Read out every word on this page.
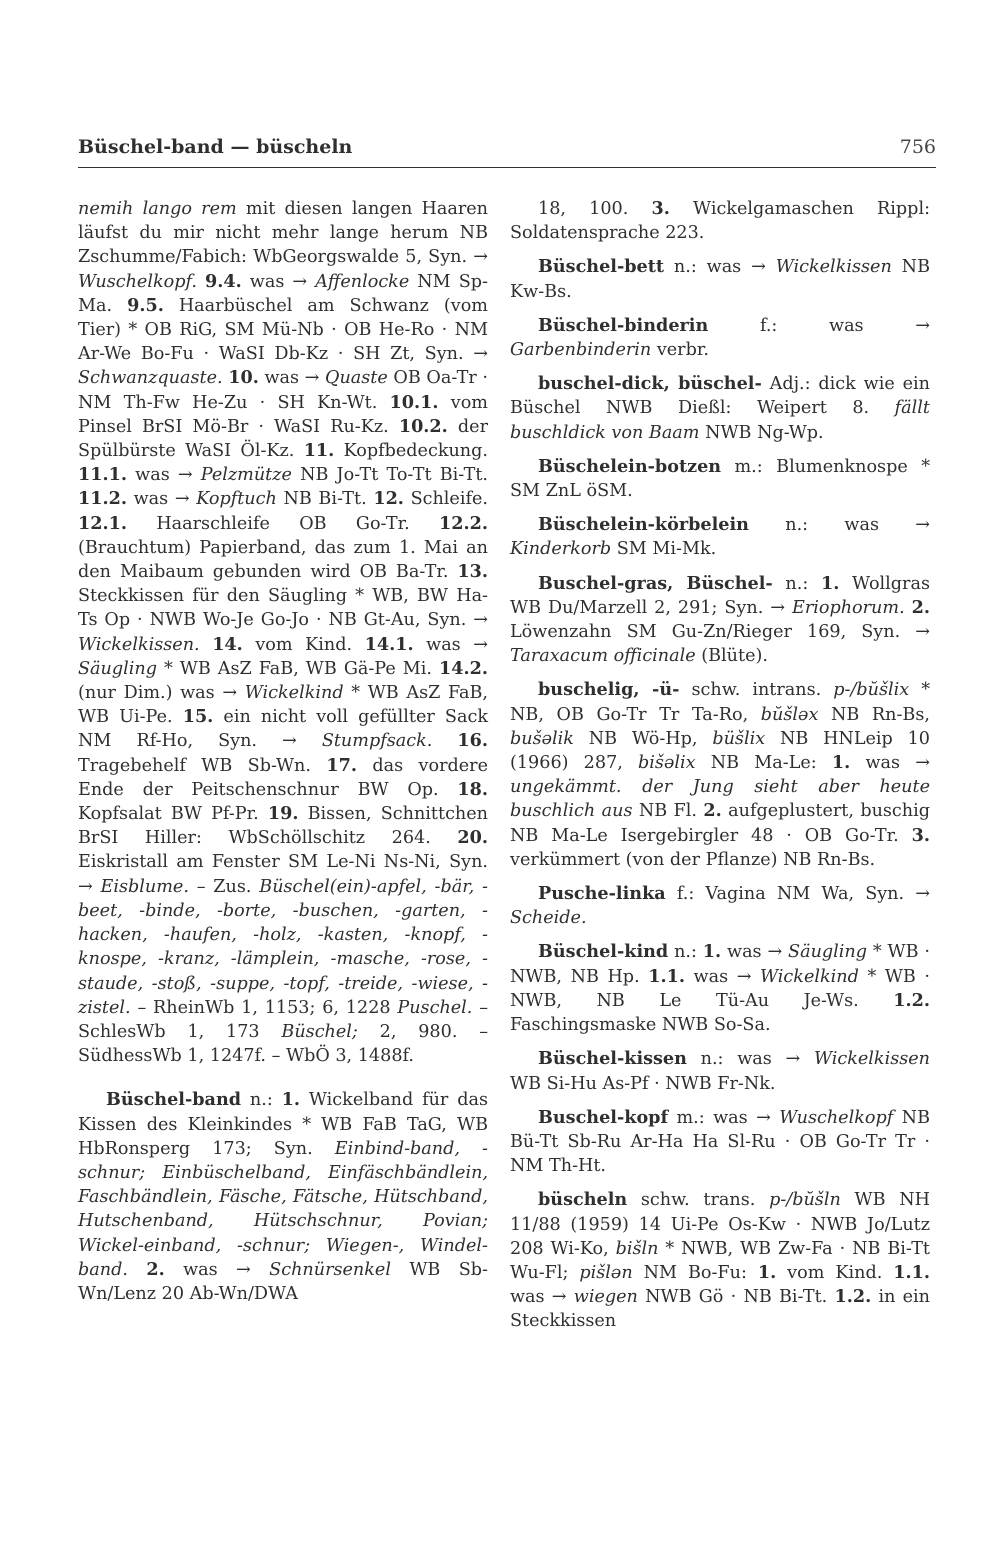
Büschel-band — büscheln	756

nemih lango rem mit diesen langen Haaren läufst du mir nicht mehr lange herum NB Zschumme/Fabich: WbGeorgswalde 5, Syn. → Wuschelkopf. 9.4. was → Affenlocke NM Sp-Ma. 9.5. Haarbüschel am Schwanz (vom Tier) * OB RiG, SM Mü-Nb · OB He-Ro · NM Ar-We Bo-Fu · WaSI Db-Kz · SH Zt, Syn. → Schwanzquaste. 10. was → Quaste OB Oa-Tr · NM Th-Fw He-Zu · SH Kn-Wt. 10.1. vom Pinsel BrSI Mö-Br · WaSI Ru-Kz. 10.2. der Spülbürste WaSI Öl-Kz. 11. Kopfbedeckung. 11.1. was → Pelzmütze NB Jo-Tt To-Tt Bi-Tt. 11.2. was → Kopftuch NB Bi-Tt. 12. Schleife. 12.1. Haarschleife OB Go-Tr. 12.2. (Brauchtum) Papierband, das zum 1. Mai an den Maibaum gebunden wird OB Ba-Tr. 13. Steckkissen für den Säugling * WB, BW Ha-Ts Op · NWB Wo-Je Go-Jo · NB Gt-Au, Syn. → Wickelkissen. 14. vom Kind. 14.1. was → Säugling * WB AsZ FaB, WB Gä-Pe Mi. 14.2. (nur Dim.) was → Wickelkind * WB AsZ FaB, WB Ui-Pe. 15. ein nicht voll gefüllter Sack NM Rf-Ho, Syn. → Stumpfsack. 16. Tragebehelf WB Sb-Wn. 17. das vordere Ende der Peitschenschnur BW Op. 18. Kopfsalat BW Pf-Pr. 19. Bissen, Schnittchen BrSI Hiller: WbSchöllschitz 264. 20. Eiskristall am Fenster SM Le-Ni Ns-Ni, Syn. → Eisblume. – Zus. Büschel(ein)-apfel, -bär, -beet, -binde, -borte, -buschen, -garten, -hacken, -haufen, -holz, -kasten, -knopf, -knospe, -kranz, -lämplein, -masche, -rose, -staude, -stoß, -suppe, -topf, -treide, -wiese, -zistel. – RheinWb 1, 1153; 6, 1228 Puschel. – SchlesWb 1, 173 Büschel; 2, 980. – SüdhessWb 1, 1247f. – WbÖ 3, 1488f.

Büschel-band n.: 1. Wickelband für das Kissen des Kleinkindes * WB FaB TaG, WB HbRonsperg 173; Syn. Einbind-band, -schnur; Einbüschelband, Einfäschbändlein, Faschbändlein, Fäsche, Fätsche, Hütschband, Hutschenband, Hütschschnur, Povian; Wickel-einband, -schnur; Wiegen-, Windel-band. 2. was → Schnürsenkel WB Sb-Wn/Lenz 20 Ab-Wn/DWA

18, 100. 3. Wickelgamaschen Rippl: Soldatensprache 223.

Büschel-bett n.: was → Wickelkissen NB Kw-Bs.

Büschel-binderin f.: was → Garbenbinderin verbr.

buschel-dick, büschel- Adj.: dick wie ein Büschel NWB Dießl: Weipert 8. fällt buschldick von Baam NWB Ng-Wp.

Büschelein-botzen m.: Blumenknospe * SM ZnL öSM.

Büschelein-körbelein n.: was → Kinderkorb SM Mi-Mk.

Buschel-gras, Büschel- n.: 1. Wollgras WB Du/Marzell 2, 291; Syn. → Eriophorum. 2. Löwenzahn SM Gu-Zn/Rieger 169, Syn. → Taraxacum officinale (Blüte).

buschelig, -ü- schw. intrans. p-/bŭšlix * NB, OB Go-Tr Tr Ta-Ro, bŭšləx NB Rn-Bs, bušəlik NB Wö-Hp, büšlix NB HNLeip 10 (1966) 287, bišəlix NB Ma-Le: 1. was → ungekämmt. der Jung sieht aber heute buschlich aus NB Fl. 2. aufgeplustert, buschig NB Ma-Le Isergebirgler 48 · OB Go-Tr. 3. verkümmert (von der Pflanze) NB Rn-Bs.

Pusche-linka f.: Vagina NM Wa, Syn. → Scheide.

Büschel-kind n.: 1. was → Säugling * WB · NWB, NB Hp. 1.1. was → Wickelkind * WB · NWB, NB Le Tü-Au Je-Ws. 1.2. Faschingsmaske NWB So-Sa.

Büschel-kissen n.: was → Wickelkissen WB Si-Hu As-Pf · NWB Fr-Nk.

Buschel-kopf m.: was → Wuschelkopf NB Bü-Tt Sb-Ru Ar-Ha Ha Sl-Ru · OB Go-Tr Tr · NM Th-Ht.

büscheln schw. trans. p-/bŭšln WB NH 11/88 (1959) 14 Ui-Pe Os-Kw · NWB Jo/Lutz 208 Wi-Ko, bišln * NWB, WB Zw-Fa · NB Bi-Tt Wu-Fl; pišlən NM Bo-Fu: 1. vom Kind. 1.1. was → wiegen NWB Gö · NB Bi-Tt. 1.2. in ein Steckkissen
